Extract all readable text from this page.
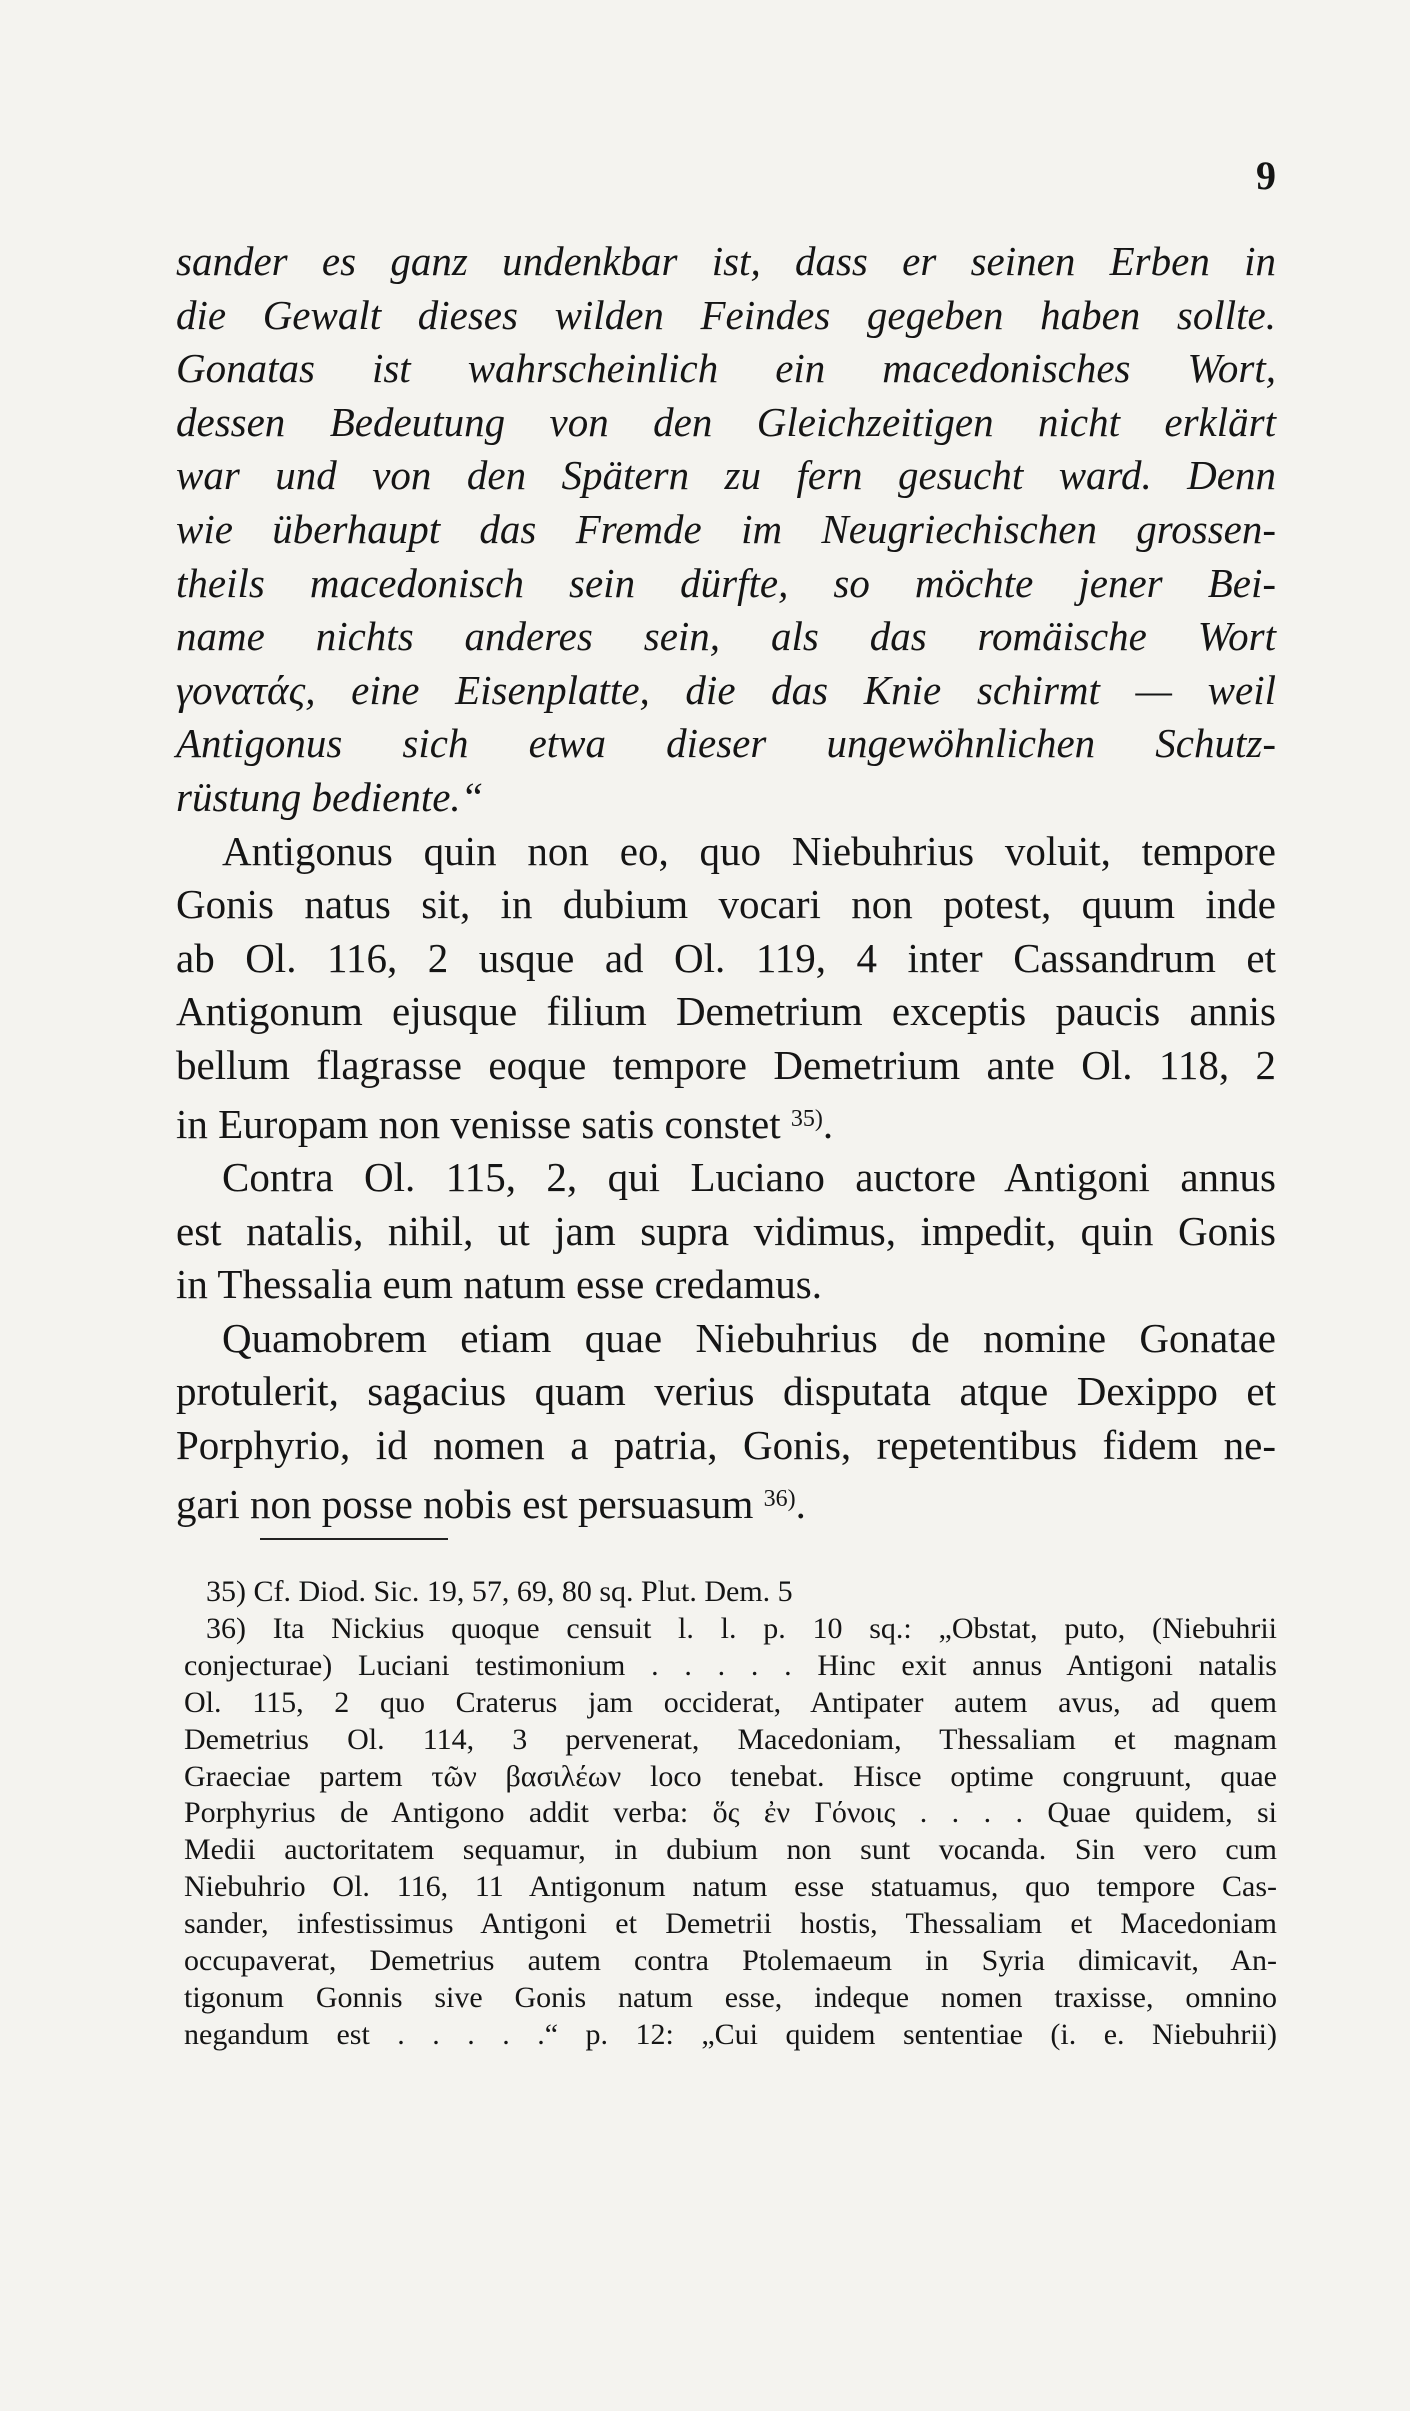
9
sander es ganz undenkbar ist, dass er seinen Erben in
die Gewalt dieses wilden Feindes gegeben haben sollte.
Gonatas ist wahrscheinlich ein macedonisches Wort,
dessen Bedeutung von den Gleichzeitigen nicht erklärt
war und von den Spätern zu fern gesucht ward. Denn
wie überhaupt das Fremde im Neugriechischen grossen-
theils macedonisch sein dürfte, so möchte jener Bei-
name nichts anderes sein, als das romäische Wort
γονατάς, eine Eisenplatte, die das Knie schirmt — weil
Antigonus sich etwa dieser ungewöhnlichen Schutz-
rüstung bediente.“
Antigonus quin non eo, quo Niebuhrius voluit, tempore
Gonis natus sit, in dubium vocari non potest, quum inde
ab Ol. 116, 2 usque ad Ol. 119, 4 inter Cassandrum et
Antigonum ejusque filium Demetrium exceptis paucis annis
bellum flagrasse eoque tempore Demetrium ante Ol. 118, 2
in Europam non venisse satis constet $^{35)}$.
Contra Ol. 115, 2, qui Luciano auctore Antigoni annus
est natalis, nihil, ut jam supra vidimus, impedit, quin Gonis
in Thessalia eum natum esse credamus.
Quamobrem etiam quae Niebuhrius de nomine Gonatae
protulerit, sagacius quam verius disputata atque Dexippo et
Porphyrio, id nomen a patria, Gonis, repetentibus fidem ne-
gari non posse nobis est persuasum $^{36)}$.
35) Cf. Diod. Sic. 19, 57, 69, 80 sq. Plut. Dem. 5
36) Ita Nickius quoque censuit l. l. p. 10 sq.: „Obstat, puto, (Niebuhrii
conjecturae) Luciani testimonium . . . . . Hinc exit annus Antigoni natalis
Ol. 115, 2 quo Craterus jam occiderat, Antipater autem avus, ad quem
Demetrius Ol. 114, 3 pervenerat, Macedoniam, Thessaliam et magnam
Graeciae partem τῶν βασιλέων loco tenebat. Hisce optime congruunt, quae
Porphyrius de Antigono addit verba: ὅς ἐν Γόνοις . . . . Quae quidem, si
Medii auctoritatem sequamur, in dubium non sunt vocanda. Sin vero cum
Niebuhrio Ol. 116, 11 Antigonum natum esse statuamus, quo tempore Cas-
sander, infestissimus Antigoni et Demetrii hostis, Thessaliam et Macedoniam
occupaverat, Demetrius autem contra Ptolemaeum in Syria dimicavit, An-
tigonum Gonnis sive Gonis natum esse, indeque nomen traxisse, omnino
negandum est . . . . .“ p. 12: „Cui quidem sententiae (i. e. Niebuhrii)
